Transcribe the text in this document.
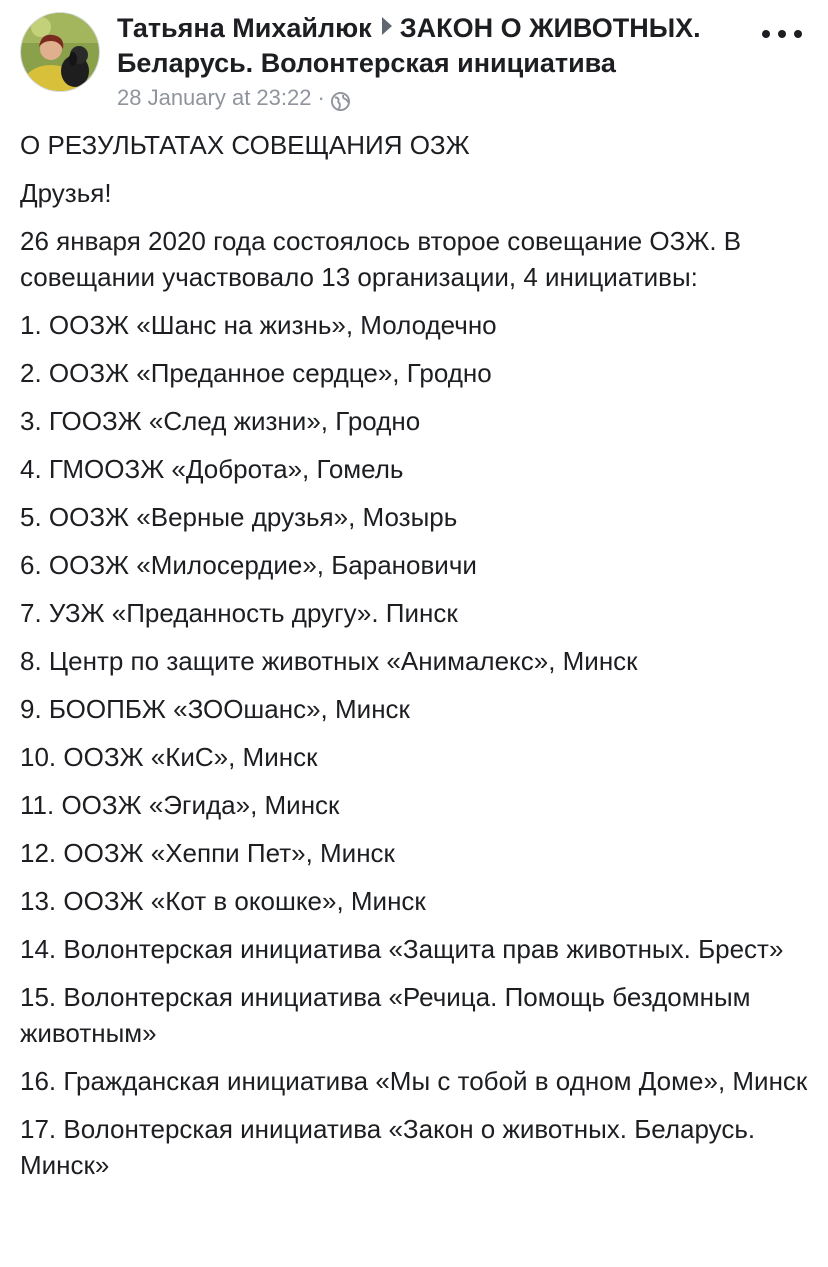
Татьяна Михайлюк ЗАКОН О ЖИВОТНЫХ. Беларусь. Волонтерская инициатива
28 January at 23:22 ·

О РЕЗУЛЬТАТАХ СОВЕЩАНИЯ ОЗЖ

Друзья!

26 января 2020 года состоялось второе совещание ОЗЖ. В совещании участвовало 13 организации, 4 инициативы:

1. ООЗЖ «Шанс на жизнь», Молодечно

2. ООЗЖ «Преданное сердце», Гродно

3. ГООЗЖ «След жизни», Гродно

4. ГМООЗЖ «Доброта», Гомель

5. ООЗЖ «Верные друзья», Мозырь

6. ООЗЖ «Милосердие», Барановичи

7. УЗЖ «Преданность другу». Пинск

8. Центр по защите животных «Анималекс», Минск

9. БООПБЖ «ЗООшанс», Минск

10. ООЗЖ «КиС», Минск

11. ООЗЖ «Эгида», Минск

12. ООЗЖ «Хеппи Пет», Минск

13. ООЗЖ «Кот в окошке», Минск

14. Волонтерская инициатива «Защита прав животных. Брест»

15. Волонтерская инициатива «Речица. Помощь бездомным животным»

16. Гражданская инициатива «Мы с тобой в одном Доме», Минск

17. Волонтерская инициатива «Закон о животных. Беларусь. Минск»
